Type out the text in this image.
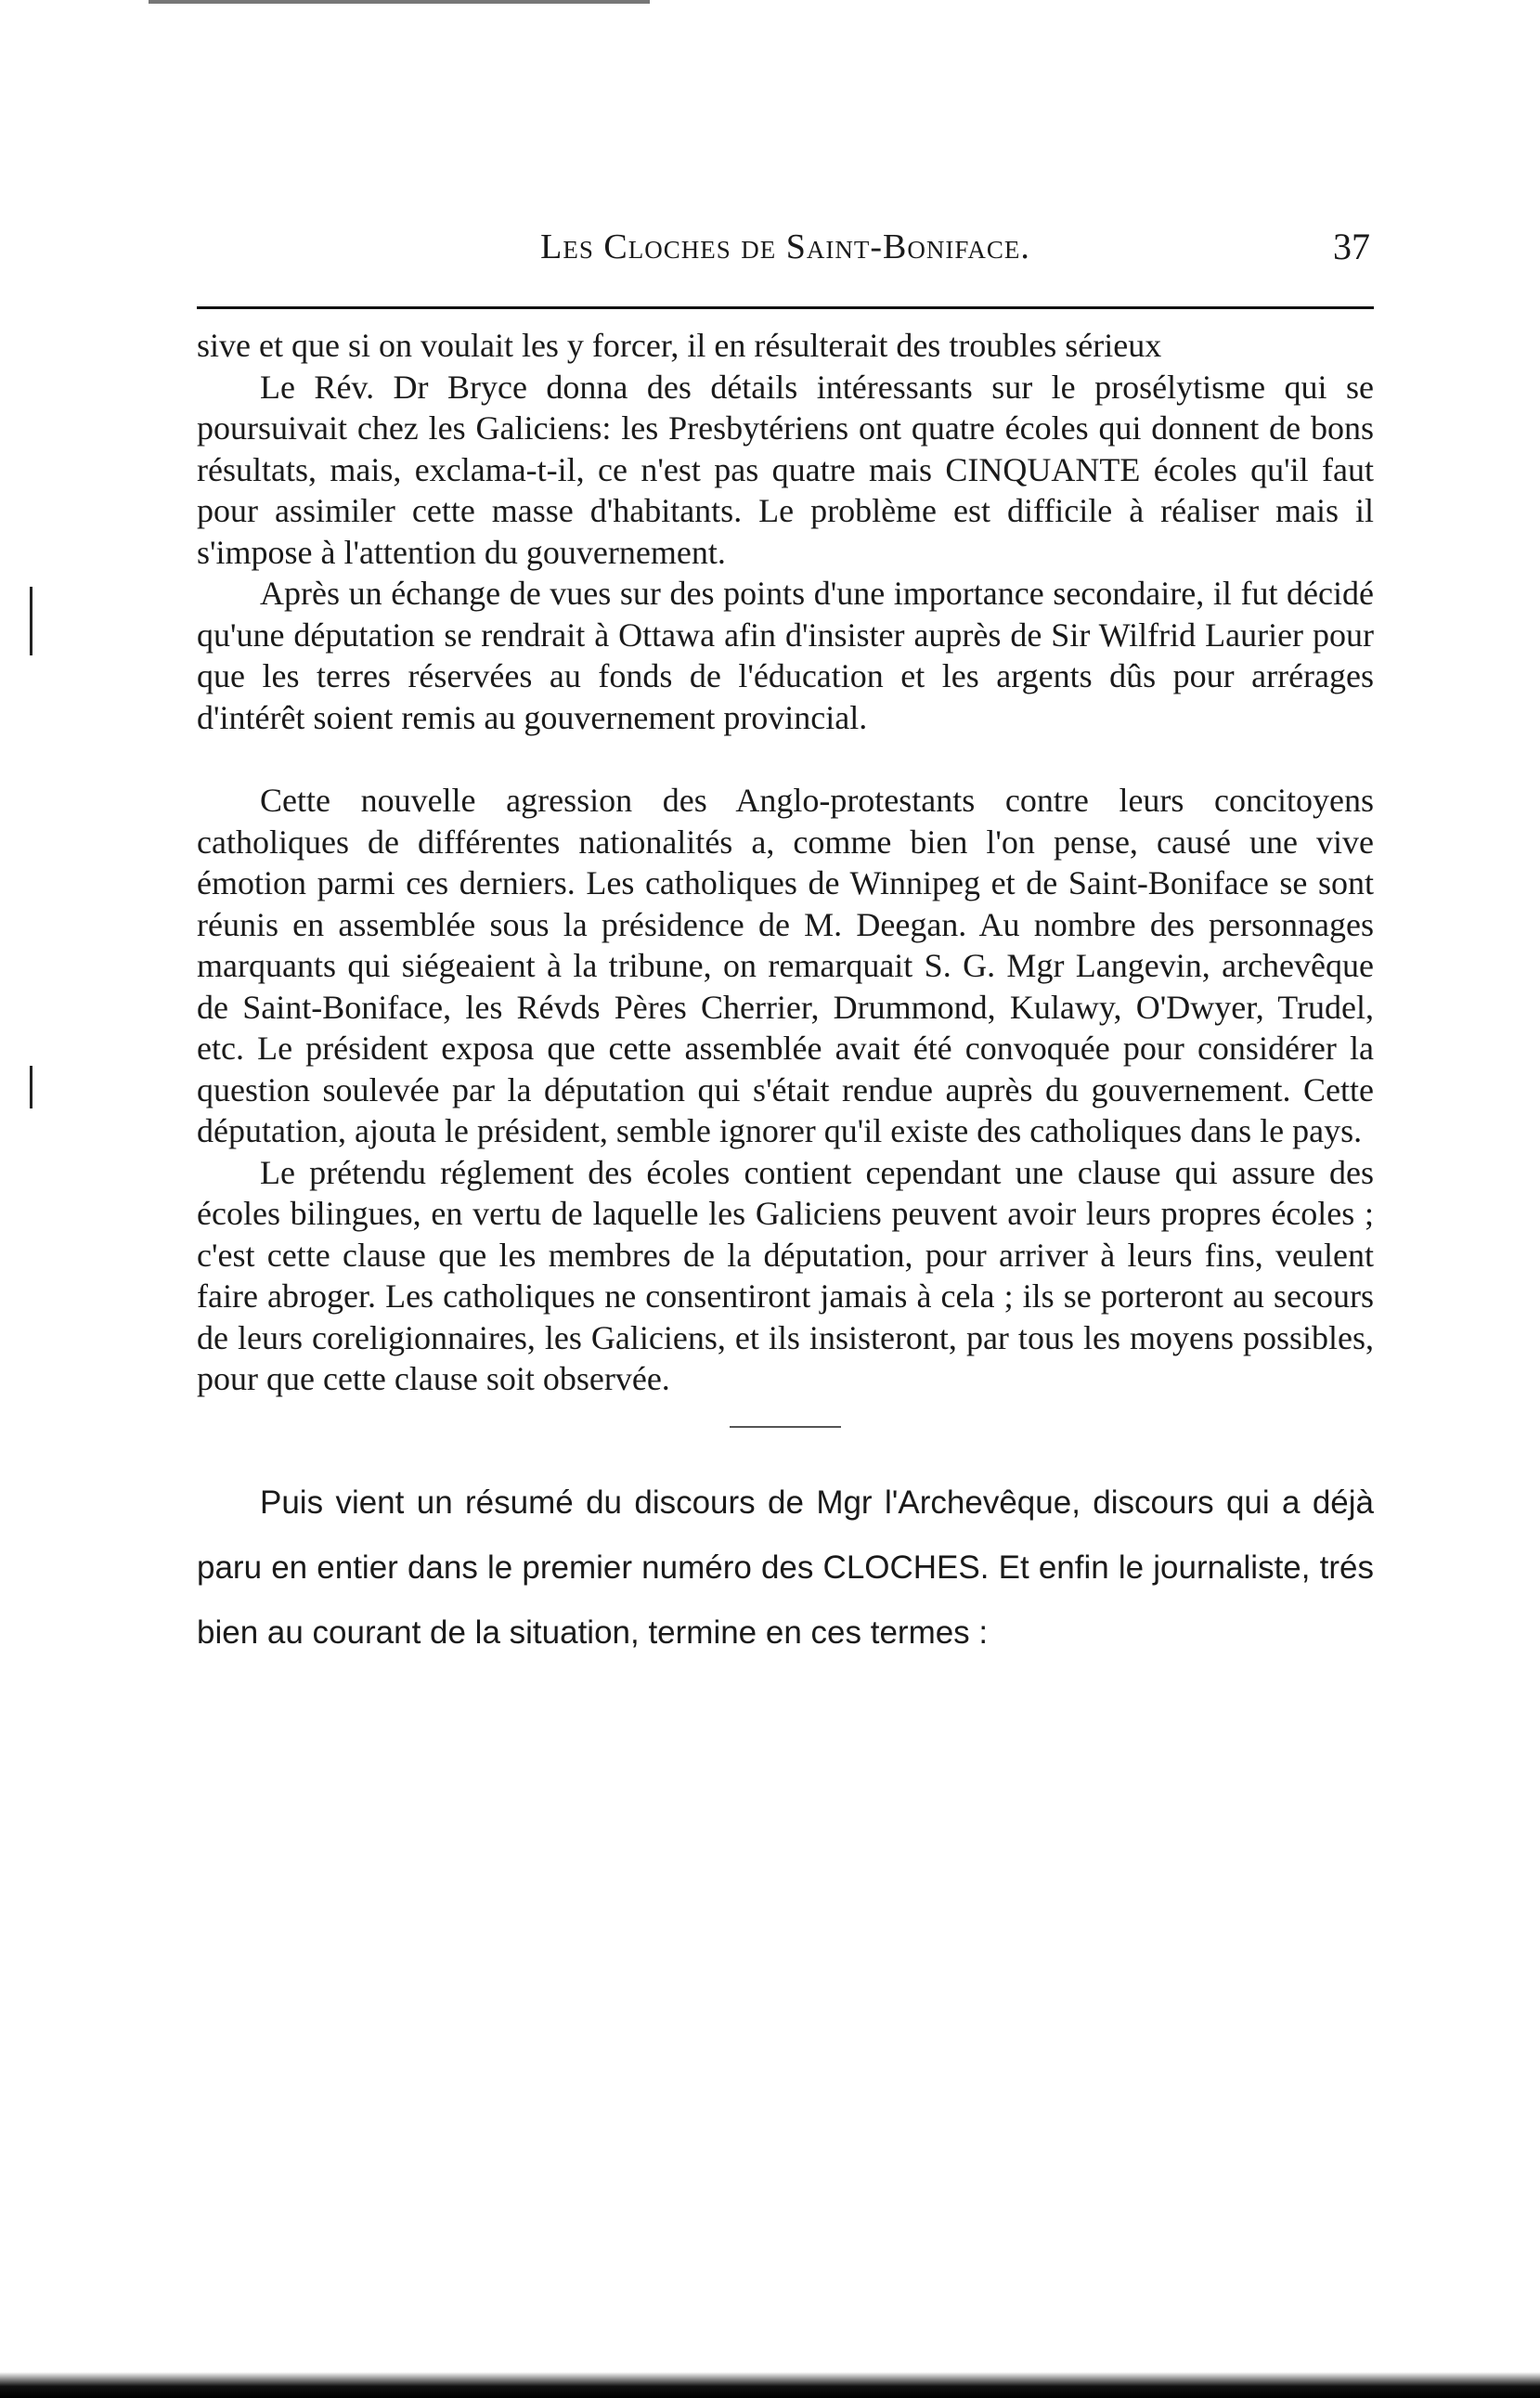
Les Cloches de Saint-Boniface.	37

sive et que si on voulait les y forcer, il en résulterait des troubles sérieux

Le Rév. Dr Bryce donna des détails intéressants sur le prosélytisme qui se poursuivait chez les Galiciens: les Presbytériens ont quatre écoles qui donnent de bons résultats, mais, exclama-t-il, ce n'est pas quatre mais CINQUANTE écoles qu'il faut pour assimiler cette masse d'habitants. Le problème est difficile à réaliser mais il s'impose à l'attention du gouvernement.

Après un échange de vues sur des points d'une importance secondaire, il fut décidé qu'une députation se rendrait à Ottawa afin d'insister auprès de Sir Wilfrid Laurier pour que les terres réservées au fonds de l'éducation et les argents dûs pour arrérages d'intérêt soient remis au gouvernement provincial.

Cette nouvelle agression des Anglo-protestants contre leurs concitoyens catholiques de différentes nationalités a, comme bien l'on pense, causé une vive émotion parmi ces derniers. Les catholiques de Winnipeg et de Saint-Boniface se sont réunis en assemblée sous la présidence de M. Deegan. Au nombre des personnages marquants qui siégeaient à la tribune, on remarquait S. G. Mgr Langevin, archevêque de Saint-Boniface, les Révds Pères Cherrier, Drummond, Kulawy, O'Dwyer, Trudel, etc. Le président exposa que cette assemblée avait été convoquée pour considérer la question soulevée par la députation qui s'était rendue auprès du gouvernement. Cette députation, ajouta le président, semble ignorer qu'il existe des catholiques dans le pays.

Le prétendu réglement des écoles contient cependant une clause qui assure des écoles bilingues, en vertu de laquelle les Galiciens peuvent avoir leurs propres écoles ; c'est cette clause que les membres de la députation, pour arriver à leurs fins, veulent faire abroger. Les catholiques ne consentiront jamais à cela ; ils se porteront au secours de leurs coreligionnaires, les Galiciens, et ils insisteront, par tous les moyens possibles, pour que cette clause soit observée.

Puis vient un résumé du discours de Mgr l'Archevêque, discours qui a déjà paru en entier dans le premier numéro des CLOCHES. Et enfin le journaliste, trés bien au courant de la situation, termine en ces termes :
